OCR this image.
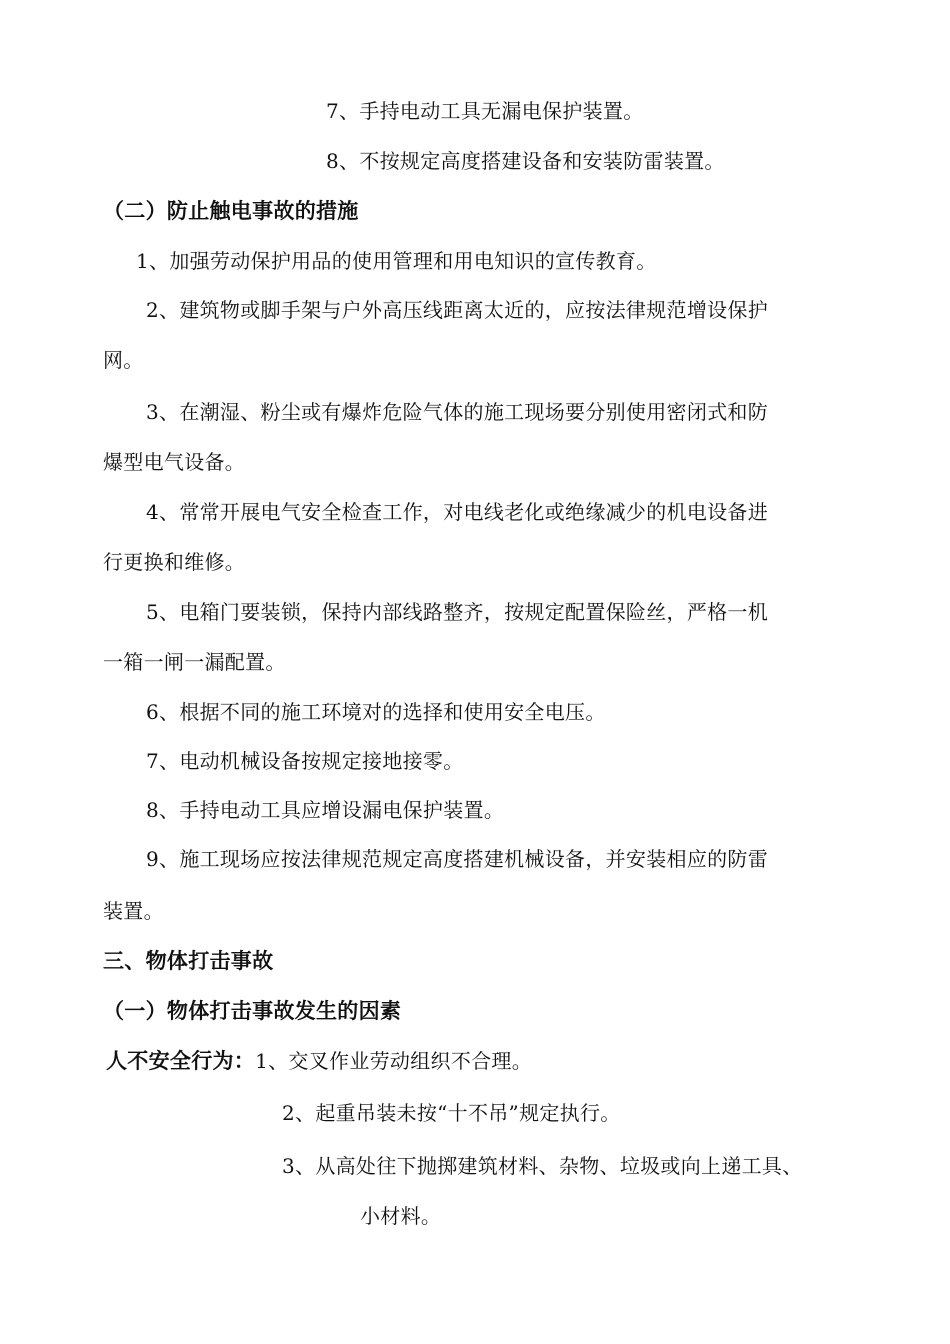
7、手持电动工具无漏电保护装置。
8、不按规定高度搭建设备和安装防雷装置。
（二）防止触电事故的措施
1、加强劳动保护用品的使用管理和用电知识的宣传教育。
2、建筑物或脚手架与户外高压线距离太近的，应按法律规范增设保护
网。
3、在潮湿、粉尘或有爆炸危险气体的施工现场要分别使用密闭式和防
爆型电气设备。
4、常常开展电气安全检查工作，对电线老化或绝缘减少的机电设备进
行更换和维修。
5、电箱门要装锁，保持内部线路整齐，按规定配置保险丝，严格一机
一箱一闸一漏配置。
6、根据不同的施工环境对的选择和使用安全电压。
7、电动机械设备按规定接地接零。
8、手持电动工具应增设漏电保护装置。
9、施工现场应按法律规范规定高度搭建机械设备，并安装相应的防雷
装置。
三、物体打击事故
（一）物体打击事故发生的因素
人不安全行为：1、交叉作业劳动组织不合理。
2、起重吊装未按“十不吊”规定执行。
3、从高处往下抛掷建筑材料、杂物、垃圾或向上递工具、
小材料。
